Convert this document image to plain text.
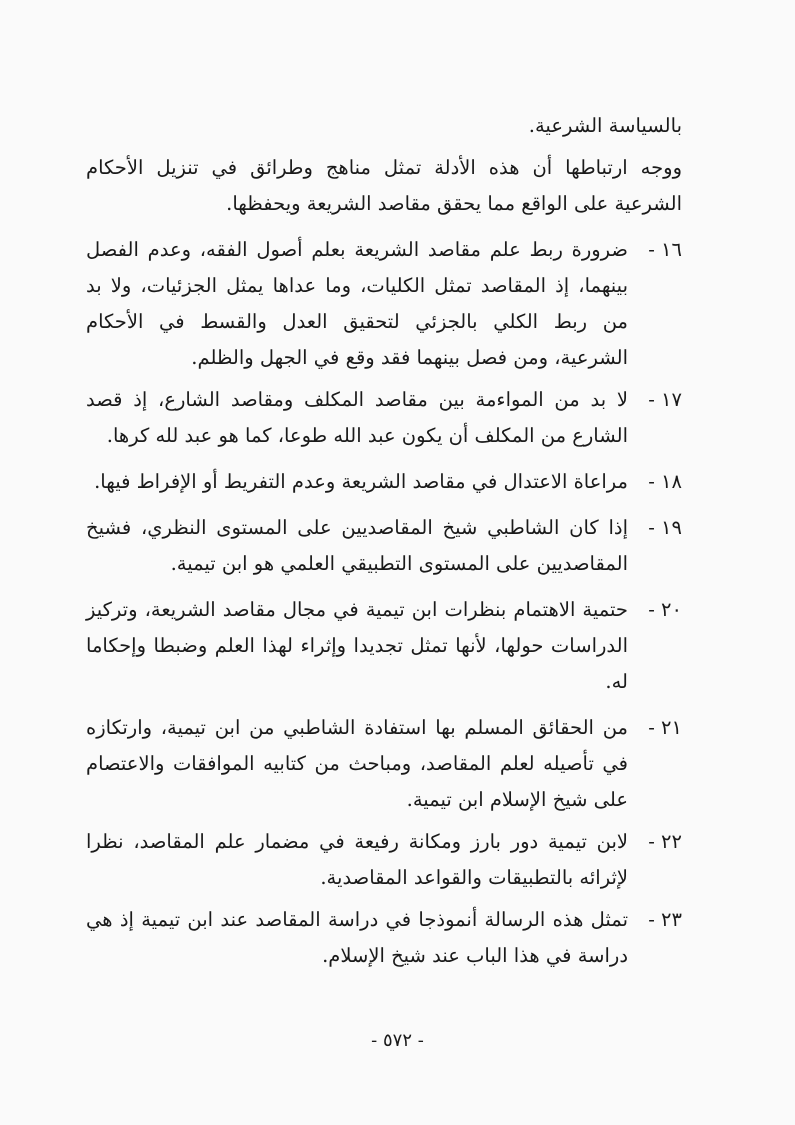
بالسياسة الشرعية.
ووجه ارتباطها أن هذه الأدلة تمثل مناهج وطرائق في تنزيل الأحكام الشرعية على الواقع مما يحقق مقاصد الشريعة ويحفظها.
١٦ -
ضرورة ربط علم مقاصد الشريعة بعلم أصول الفقه، وعدم الفصل بينهما، إذ المقاصد تمثل الكليات، وما عداها يمثل الجزئيات، ولا بد من ربط الكلي بالجزئي لتحقيق العدل والقسط في الأحكام الشرعية، ومن فصل بينهما فقد وقع في الجهل والظلم.
١٧ -
لا بد من المواءمة بين مقاصد المكلف ومقاصد الشارع، إذ قصد الشارع من المكلف أن يكون عبد الله طوعا، كما هو عبد لله كرها.
١٨ -
مراعاة الاعتدال في مقاصد الشريعة وعدم التفريط أو الإفراط فيها.
١٩ -
إذا كان الشاطبي شيخ المقاصديين على المستوى النظري، فشيخ المقاصديين على المستوى التطبيقي العلمي هو ابن تيمية.
٢٠ -
حتمية الاهتمام بنظرات ابن تيمية في مجال مقاصد الشريعة، وتركيز الدراسات حولها، لأنها تمثل تجديدا وإثراء لهذا العلم وضبطا وإحكاما له.
٢١ -
من الحقائق المسلم بها استفادة الشاطبي من ابن تيمية، وارتكازه في تأصيله لعلم المقاصد، ومباحث من كتابيه الموافقات والاعتصام على شيخ الإسلام ابن تيمية.
٢٢ -
لابن تيمية دور بارز ومكانة رفيعة في مضمار علم المقاصد، نظرا لإثرائه بالتطبيقات والقواعد المقاصدية.
٢٣ -
تمثل هذه الرسالة أنموذجا في دراسة المقاصد عند ابن تيمية إذ هي دراسة في هذا الباب عند شيخ الإسلام.
- ٥٧٢ -
